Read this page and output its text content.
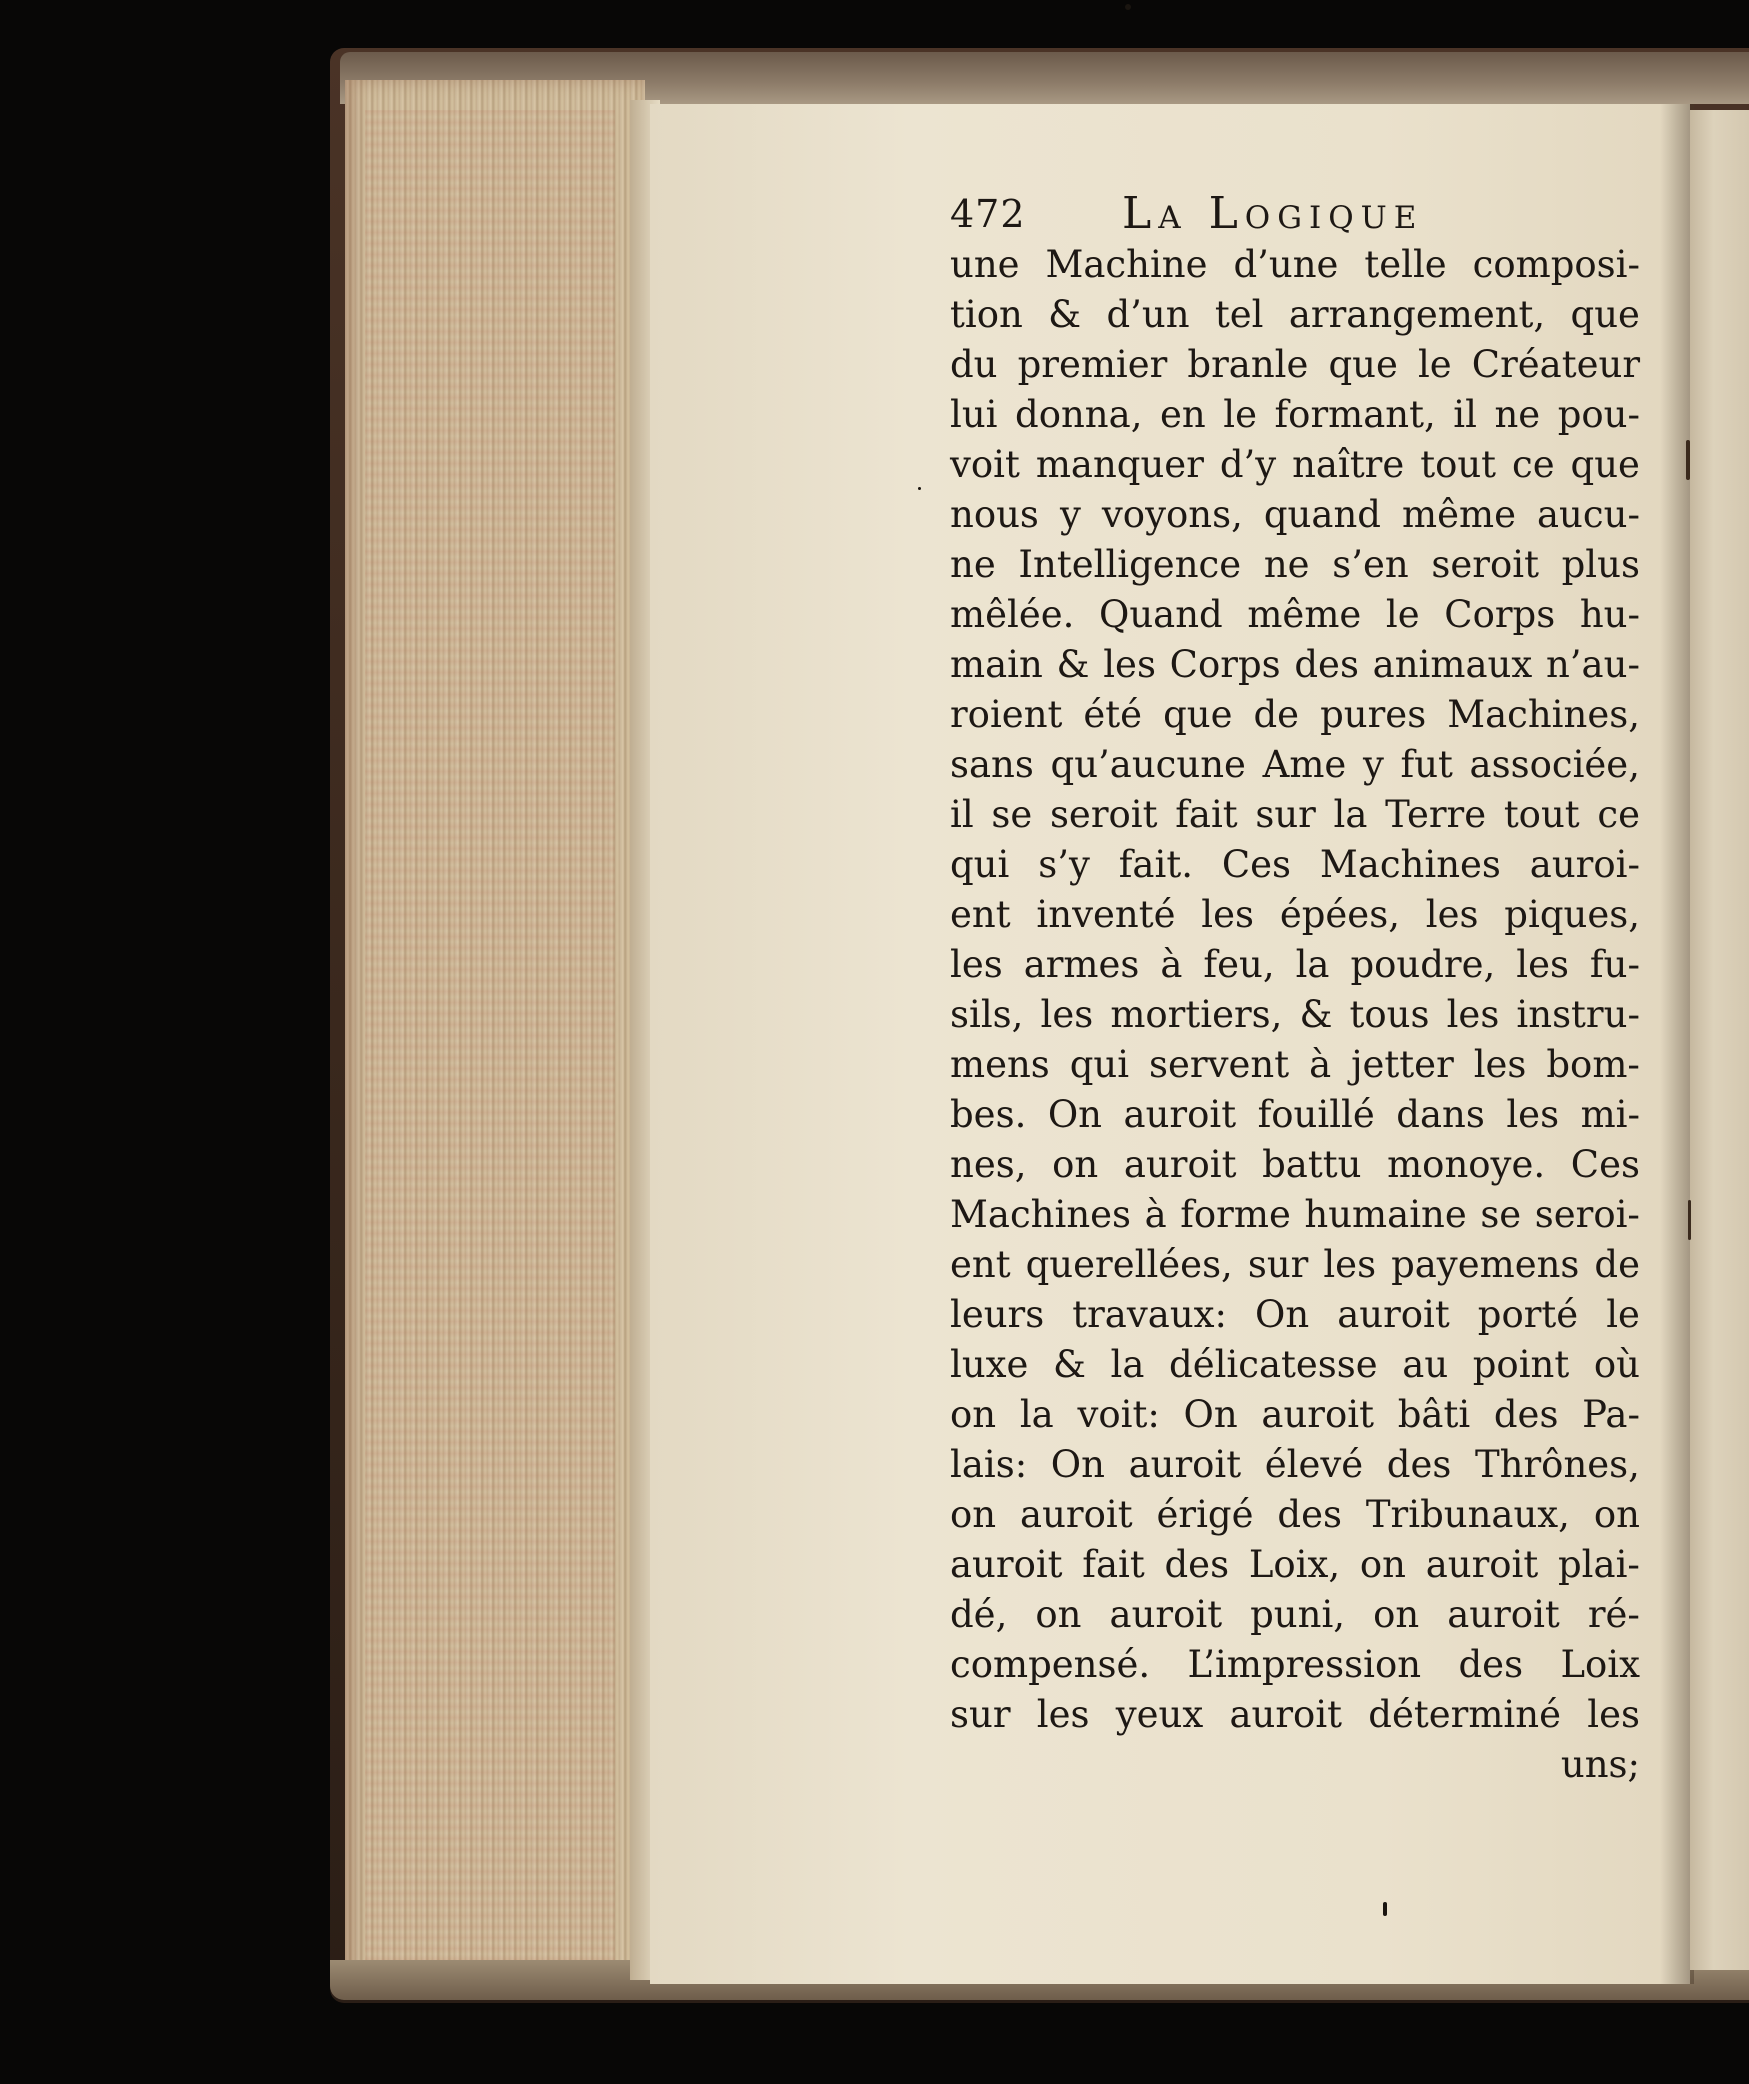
472 La Logique
une Machine d’une telle composi-
tion & d’un tel arrangement, que
du premier branle que le Créateur
lui donna, en le formant, il ne pou-
voit manquer d’y naître tout ce que
nous y voyons, quand même aucu-
ne Intelligence ne s’en seroit plus
mêlée. Quand même le Corps hu-
main & les Corps des animaux n’au-
roient été que de pures Machines,
sans qu’aucune Ame y fut associée,
il se seroit fait sur la Terre tout ce
qui s’y fait. Ces Machines auroi-
ent inventé les épées, les piques,
les armes à feu, la poudre, les fu-
sils, les mortiers, & tous les instru-
mens qui servent à jetter les bom-
bes. On auroit fouillé dans les mi-
nes, on auroit battu monoye. Ces
Machines à forme humaine se seroi-
ent querellées, sur les payemens de
leurs travaux: On auroit porté le
luxe & la délicatesse au point où
on la voit: On auroit bâti des Pa-
lais: On auroit élevé des Thrônes,
on auroit érigé des Tribunaux, on
auroit fait des Loix, on auroit plai-
dé, on auroit puni, on auroit ré-
compensé. L’impression des Loix
sur les yeux auroit déterminé les
uns;
